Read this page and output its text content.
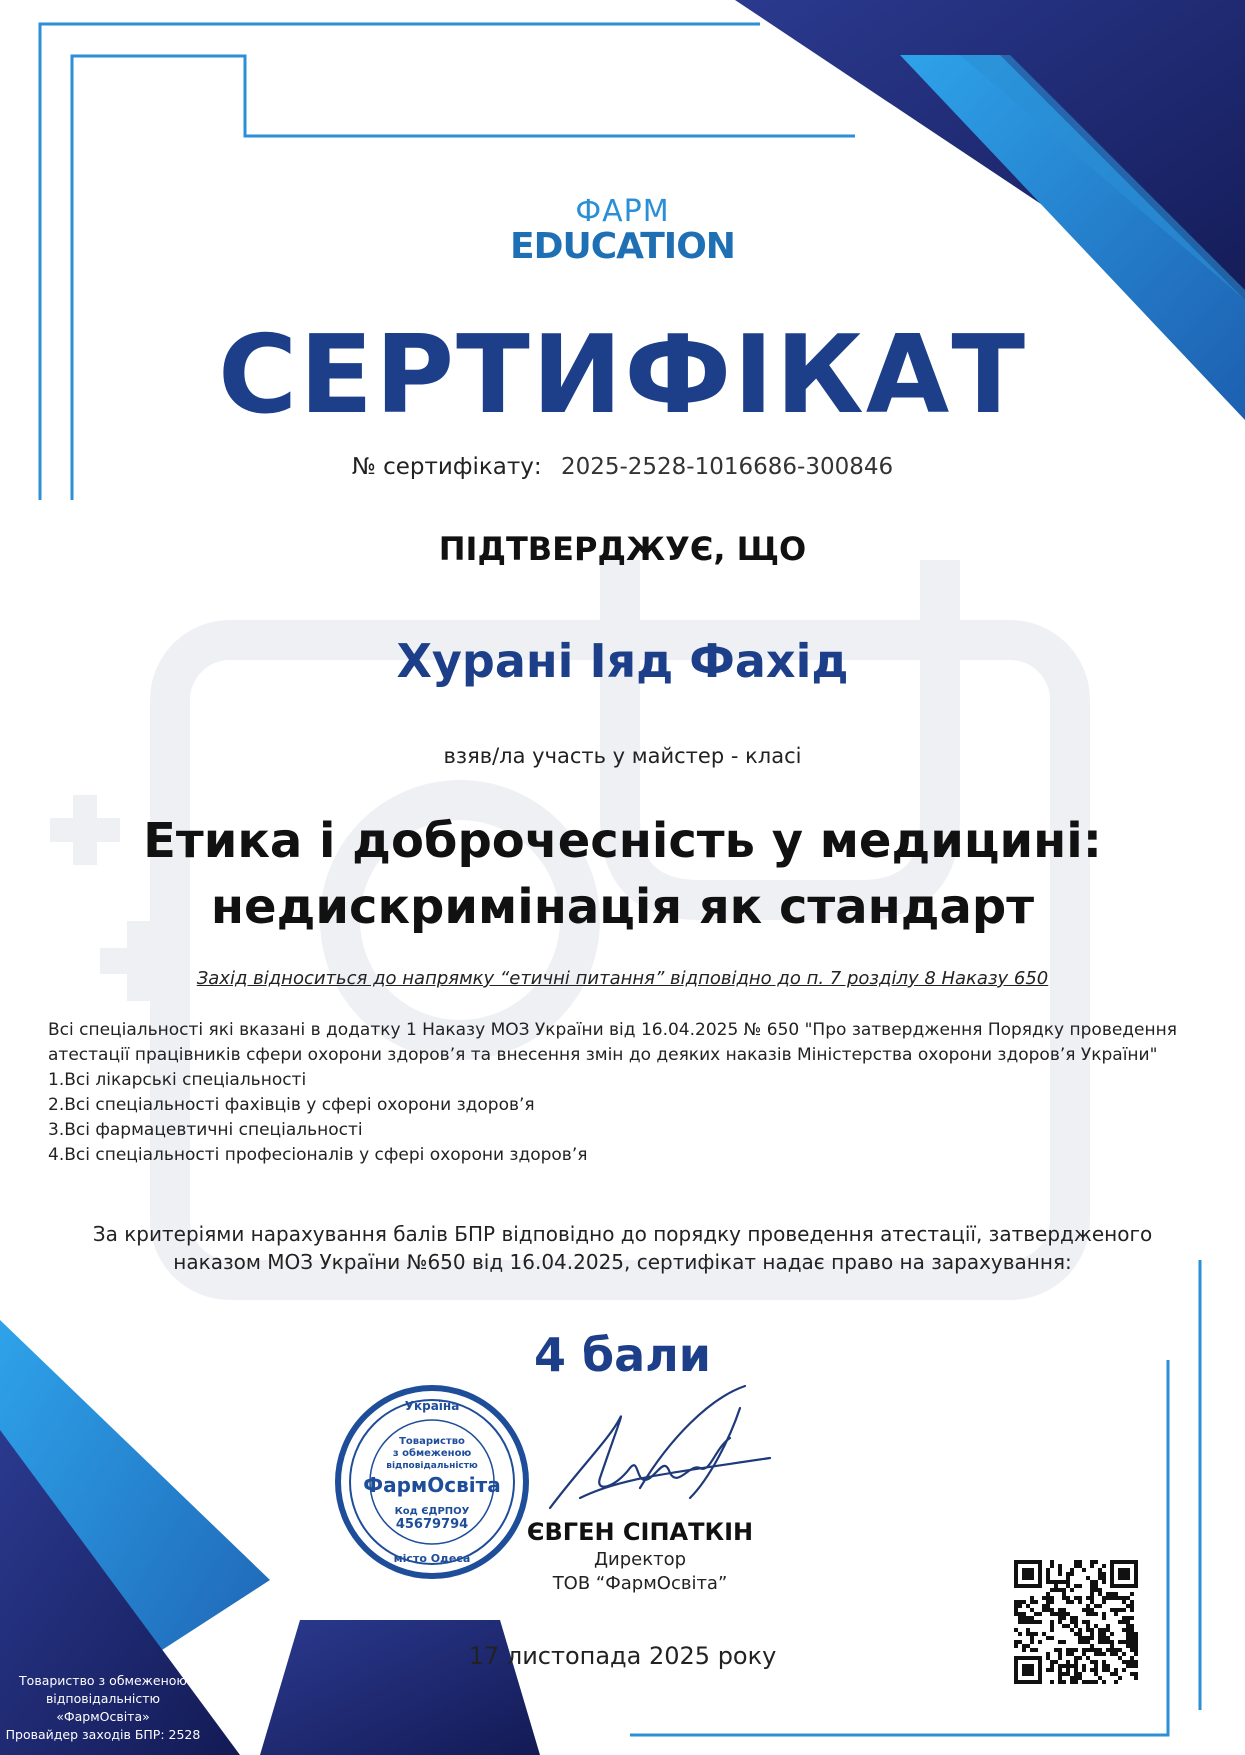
ФАРМ
EDUCATION
СЕРТИФІКАТ
№ сертифікату: 2025-2528-1016686-300846
ПІДТВЕРДЖУЄ, ЩО
Хурані Іяд Фахід
взяв/ла участь у майстер - класі
Етика і доброчесність у медицині:
недискримінація як стандарт
Захід відноситься до напрямку “етичні питання” відповідно до п. 7 розділу 8 Наказу 650
Всі спеціальності які вказані в додатку 1 Наказу МОЗ України від 16.04.2025 № 650 "Про затвердження Порядку проведення
атестації працівників сфери охорони здоров’я та внесення змін до деяких наказів Міністерства охорони здоров’я України"
1.Всі лікарські спеціальності
2.Всі спеціальності фахівців у сфері охорони здоров’я
3.Всі фармацевтичні спеціальності
4.Всі спеціальності професіоналів у сфері охорони здоров’я
За критеріями нарахування балів БПР відповідно до порядку проведення атестації, затвердженого
наказом МОЗ України №650 від 16.04.2025, сертифікат надає право на зарахування:
4 бали
Україна
Товариство
з обмеженою
відповідальністю
ФармОсвіта
Код ЄДРПОУ
45679794
місто Одеса
ЄВГЕН СІПАТКІН
Директор
ТОВ “ФармОсвіта”
17 листопада 2025 року
Товариство з обмеженою
відповідальністю
«ФармОсвіта»
Провайдер заходів БПР: 2528
